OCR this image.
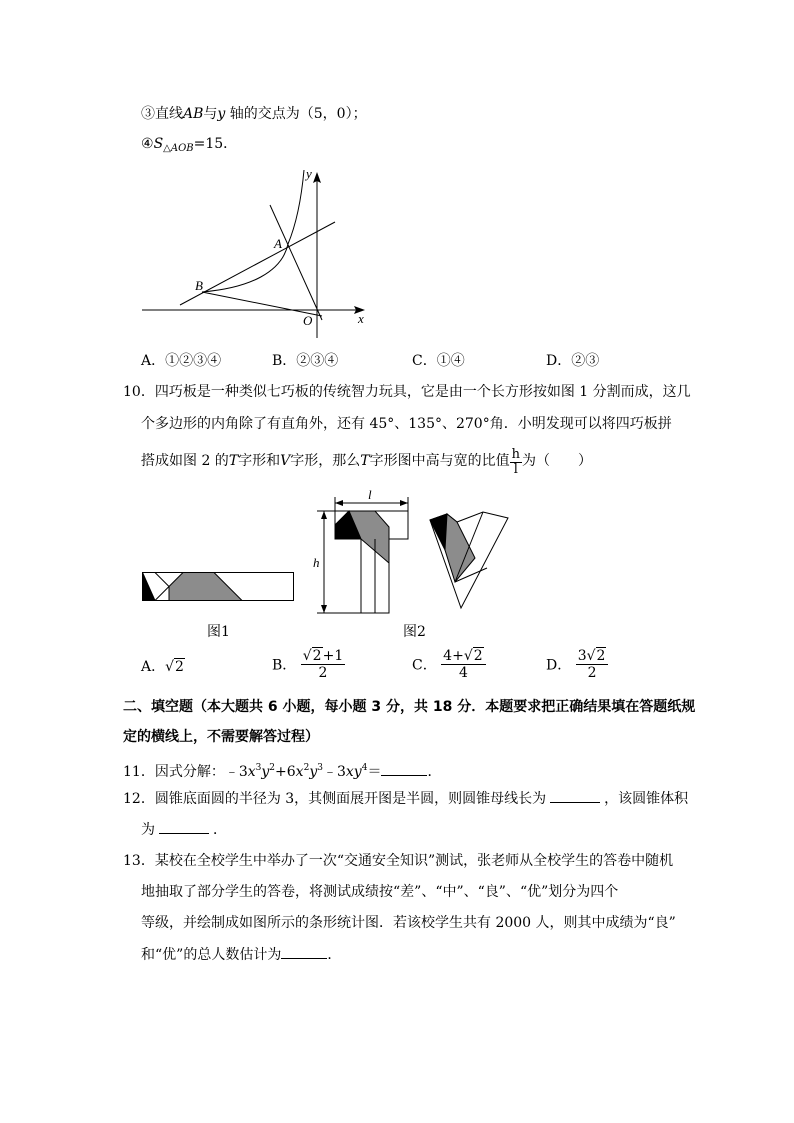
③直线AB与y 轴的交点为（5，0）；
$④S_{\triangle AOB}=15$．
y
x
A
B
O
A．①②③④	B．②③④	C．①④	D．②③
10．四巧板是一种类似七巧板的传统智力玩具，它是由一个长方形按如图 1 分割而成，这几
个多边形的内角除了有直角外，还有 45°、135°、270°角．小明发现可以将四巧板拼
搭成如图 2 的T字形和V字形，那么T字形图中高与宽的比值 $\frac{h}{l}$ 为（　　）
图1
l
h
图2
A．√2	B． $\frac{√2+1}{2}$	C． $\frac{4+√2}{4}$	D． $\frac{3√2}{2}$
二、填空题（本大题共 6 小题，每小题 3 分，共 18 分．本题要求把正确结果填在答题纸规
定的横线上，不需要解答过程）
11．因式分解：$﹣3x^3y^2+6x^2y^3﹣3xy^4=$	．
12．圆锥底面圆的半径为 3，其侧面展开图是半圆，则圆锥母线长为	，该圆锥体积
为	．
13．某校在全校学生中举办了一次“交通安全知识”测试，张老师从全校学生的答卷中随机
地抽取了部分学生的答卷，将测试成绩按“差”、“中”、“良”、“优”划分为四个
等级，并绘制成如图所示的条形统计图．若该校学生共有 2000 人，则其中成绩为“良”
和“优”的总人数估计为	．
